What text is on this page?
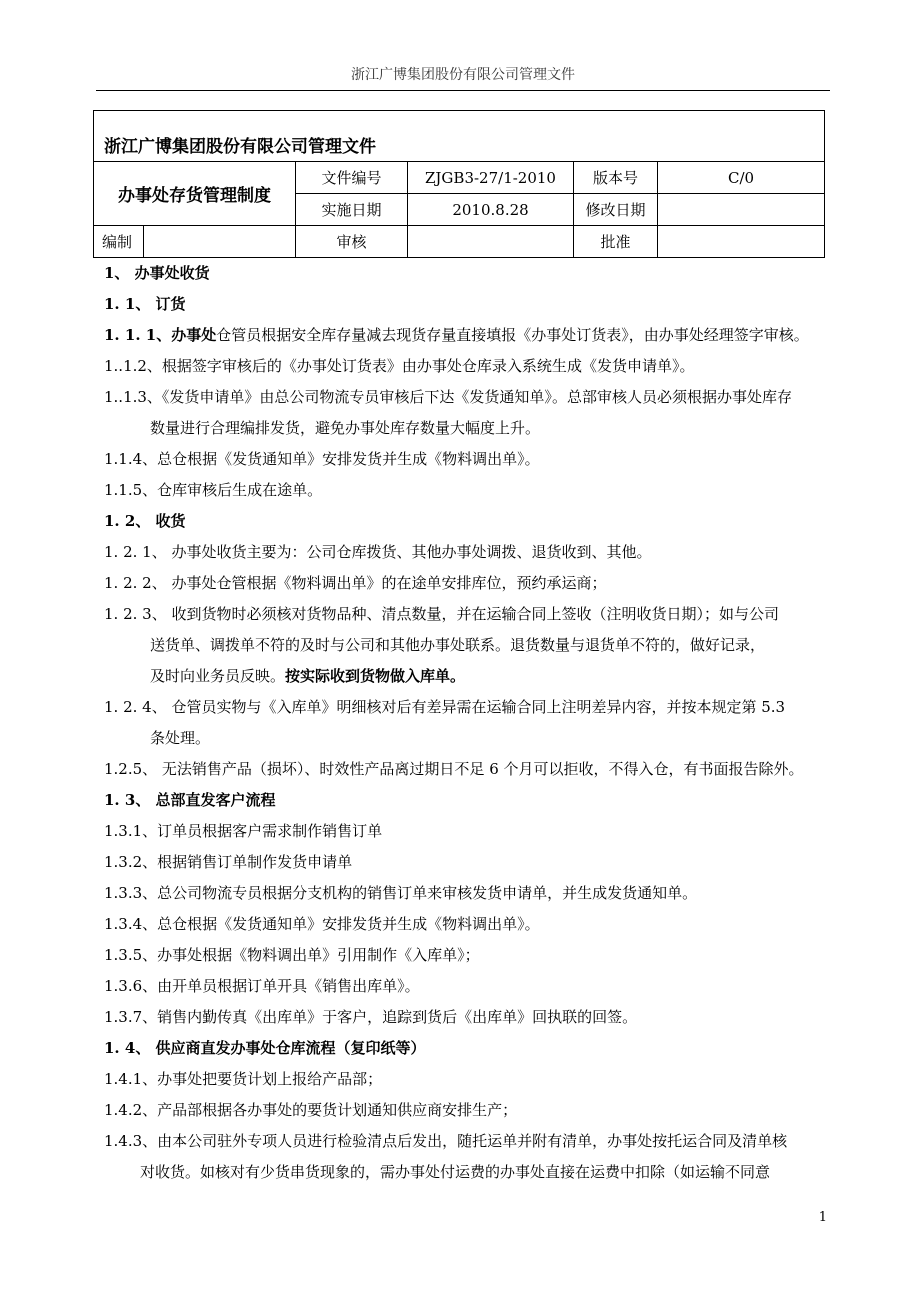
浙江广博集团股份有限公司管理文件
浙江广博集团股份有限公司管理文件					
办事处存货管理制度		文件编号	ZJGB3-27/1-2010	版本号	C/0
		实施日期	2010.8.28	修改日期	
编制		审核		批准	

1、 办事处收货

1. 1、 订货

1. 1. 1、办事处仓管员根据安全库存量减去现货存量直接填报《办事处订货表》，由办事处经理签字审核。

1..1.2、根据签字审核后的《办事处订货表》由办事处仓库录入系统生成《发货申请单》。

1..1.3、《发货申请单》由总公司物流专员审核后下达《发货通知单》。总部审核人员必须根据办事处库存

数量进行合理编排发货，避免办事处库存数量大幅度上升。

1.1.4、总仓根据《发货通知单》安排发货并生成《物料调出单》。

1.1.5、仓库审核后生成在途单。

1. 2、 收货

1. 2. 1、 办事处收货主要为：公司仓库拨货、其他办事处调拨、退货收到、其他。

1. 2. 2、 办事处仓管根据《物料调出单》的在途单安排库位，预约承运商；

1. 2. 3、 收到货物时必须核对货物品种、清点数量，并在运输合同上签收（注明收货日期）；如与公司

送货单、调拨单不符的及时与公司和其他办事处联系。退货数量与退货单不符的，做好记录，

及时向业务员反映。按实际收到货物做入库单。

1. 2. 4、 仓管员实物与《入库单》明细核对后有差异需在运输合同上注明差异内容，并按本规定第 5.3

条处理。

1.2.5、 无法销售产品（损坏）、时效性产品离过期日不足 6 个月可以拒收，不得入仓，有书面报告除外。

1. 3、 总部直发客户流程

1.3.1、订单员根据客户需求制作销售订单

1.3.2、根据销售订单制作发货申请单

1.3.3、总公司物流专员根据分支机构的销售订单来审核发货申请单，并生成发货通知单。

1.3.4、总仓根据《发货通知单》安排发货并生成《物料调出单》。

1.3.5、办事处根据《物料调出单》引用制作《入库单》；

1.3.6、由开单员根据订单开具《销售出库单》。

1.3.7、销售内勤传真《出库单》于客户，追踪到货后《出库单》回执联的回签。

1. 4、 供应商直发办事处仓库流程（复印纸等）

1.4.1、办事处把要货计划上报给产品部；

1.4.2、产品部根据各办事处的要货计划通知供应商安排生产；

1.4.3、由本公司驻外专项人员进行检验清点后发出，随托运单并附有清单，办事处按托运合同及清单核

对收货。如核对有少货串货现象的，需办事处付运费的办事处直接在运费中扣除（如运输不同意

1
